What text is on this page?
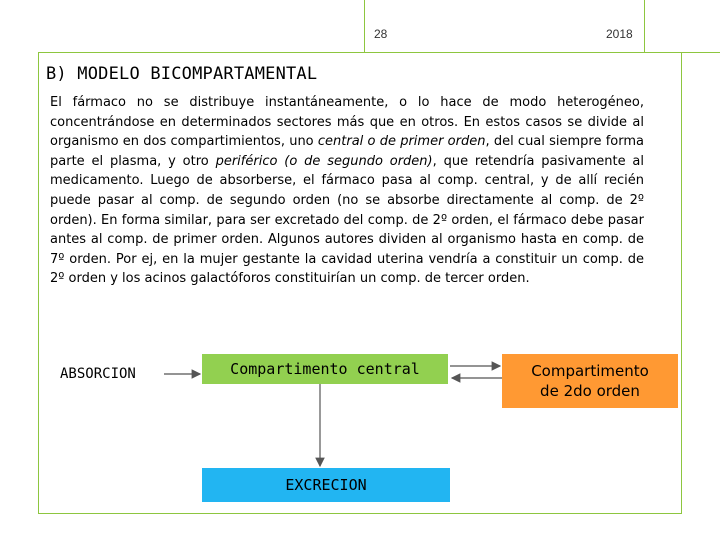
28	2018
B) MODELO BICOMPARTAMENTAL
El fármaco no se distribuye instantáneamente, o lo hace de modo heterogéneo, concentrándose en determinados sectores más que en otros. En estos casos se divide al organismo en dos compartimientos, uno central o de primer orden, del cual siempre forma parte el plasma, y otro periférico (o de segundo orden), que retendría pasivamente al medicamento. Luego de absorberse, el fármaco pasa al comp. central, y de allí recién puede pasar al comp. de segundo orden (no se absorbe directamente al comp. de 2º orden). En forma similar, para ser excretado del comp. de 2º orden, el fármaco debe pasar antes al comp. de primer orden. Algunos autores dividen al organismo hasta en comp. de 7º orden. Por ej, en la mujer gestante la cavidad uterina vendría a constituir un comp. de 2º orden y los acinos galactóforos constituirían un comp. de tercer orden.
ABSORCION	Compartimento central	Compartimento
de 2do orden
EXCRECION
